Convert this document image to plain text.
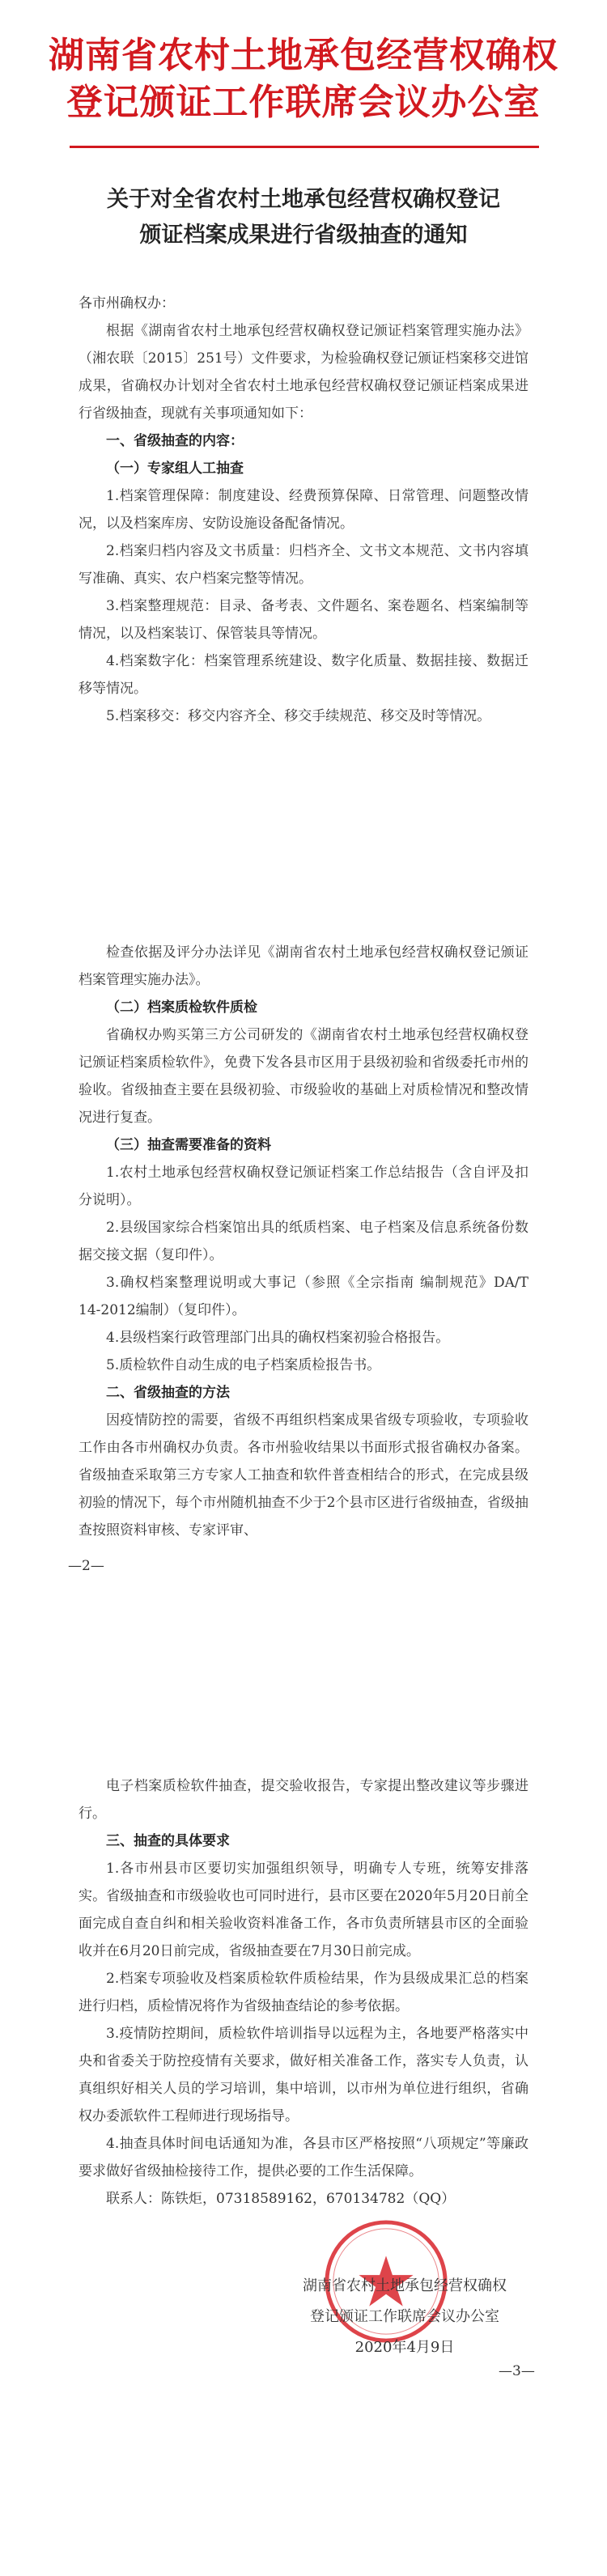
湖南省农村土地承包经营权确权
登记颁证工作联席会议办公室
关于对全省农村土地承包经营权确权登记
颁证档案成果进行省级抽查的通知

各市州确权办：

根据《湖南省农村土地承包经营权确权登记颁证档案管理实施办法》（湘农联〔2015〕251号）文件要求，为检验确权登记颁证档案移交进馆成果，省确权办计划对全省农村土地承包经营权确权登记颁证档案成果进行省级抽查，现就有关事项通知如下：

一、省级抽查的内容：

（一）专家组人工抽查

1.档案管理保障：制度建设、经费预算保障、日常管理、问题整改情况，以及档案库房、安防设施设备配备情况。

2.档案归档内容及文书质量：归档齐全、文书文本规范、文书内容填写准确、真实、农户档案完整等情况。

3.档案整理规范：目录、备考表、文件题名、案卷题名、档案编制等情况，以及档案装订、保管装具等情况。

4.档案数字化：档案管理系统建设、数字化质量、数据挂接、数据迁移等情况。

5.档案移交：移交内容齐全、移交手续规范、移交及时等情况。

检查依据及评分办法详见《湖南省农村土地承包经营权确权登记颁证档案管理实施办法》。

（二）档案质检软件质检

省确权办购买第三方公司研发的《湖南省农村土地承包经营权确权登记颁证档案质检软件》，免费下发各县市区用于县级初验和省级委托市州的验收。省级抽查主要在县级初验、市级验收的基础上对质检情况和整改情况进行复查。

（三）抽查需要准备的资料

1.农村土地承包经营权确权登记颁证档案工作总结报告（含自评及扣分说明）。

2.县级国家综合档案馆出具的纸质档案、电子档案及信息系统备份数据交接文据（复印件）。

3.确权档案整理说明或大事记（参照《全宗指南 编制规范》DA/T 14-2012编制）（复印件）。

4.县级档案行政管理部门出具的确权档案初验合格报告。

5.质检软件自动生成的电子档案质检报告书。

二、省级抽查的方法

因疫情防控的需要，省级不再组织档案成果省级专项验收，专项验收工作由各市州确权办负责。各市州验收结果以书面形式报省确权办备案。省级抽查采取第三方专家人工抽查和软件普查相结合的形式，在完成县级初验的情况下，每个市州随机抽查不少于2个县市区进行省级抽查，省级抽查按照资料审核、专家评审、

—2—

电子档案质检软件抽查，提交验收报告，专家提出整改建议等步骤进行。

三、抽查的具体要求

1.各市州县市区要切实加强组织领导，明确专人专班，统筹安排落实。省级抽查和市级验收也可同时进行，县市区要在2020年5月20日前全面完成自查自纠和相关验收资料准备工作，各市负责所辖县市区的全面验收并在6月20日前完成，省级抽查要在7月30日前完成。

2.档案专项验收及档案质检软件质检结果，作为县级成果汇总的档案进行归档，质检情况将作为省级抽查结论的参考依据。

3.疫情防控期间，质检软件培训指导以远程为主，各地要严格落实中央和省委关于防控疫情有关要求，做好相关准备工作，落实专人负责，认真组织好相关人员的学习培训，集中培训，以市州为单位进行组织，省确权办委派软件工程师进行现场指导。

4.抽查具体时间电话通知为准，各县市区严格按照“八项规定”等廉政要求做好省级抽检接待工作，提供必要的工作生活保障。

联系人：陈铁炬，07318589162，670134782（QQ）

湖南省农村土地承包经营权确权
登记颁证工作联席会议办公室
2020年4月9日
—3—
